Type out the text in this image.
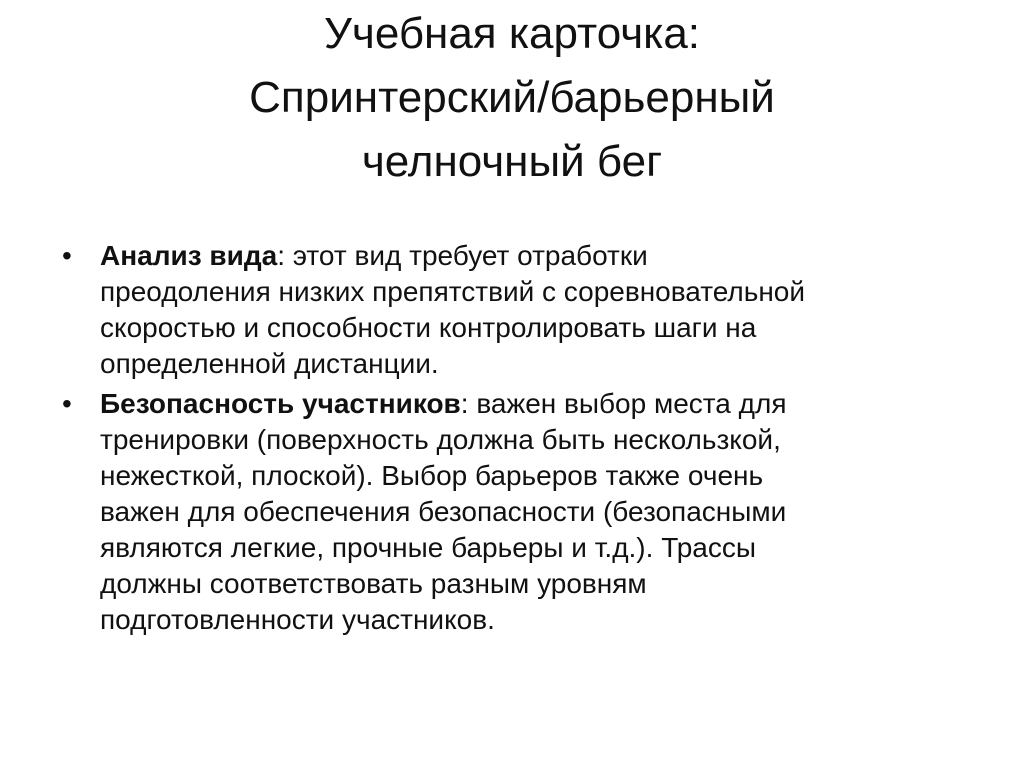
Учебная карточка:
Спринтерский/барьерный
челночный бег
•	Анализ вида: этот вид требует отработки
преодоления низких препятствий с соревновательной
скоростью и способности контролировать шаги на
определенной дистанции.
•	Безопасность участников: важен выбор места для
тренировки (поверхность должна быть нескользкой,
нежесткой, плоской). Выбор барьеров также очень
важен для обеспечения безопасности (безопасными
являются легкие, прочные барьеры и т.д.). Трассы
должны соответствовать разным уровням
подготовленности участников.
